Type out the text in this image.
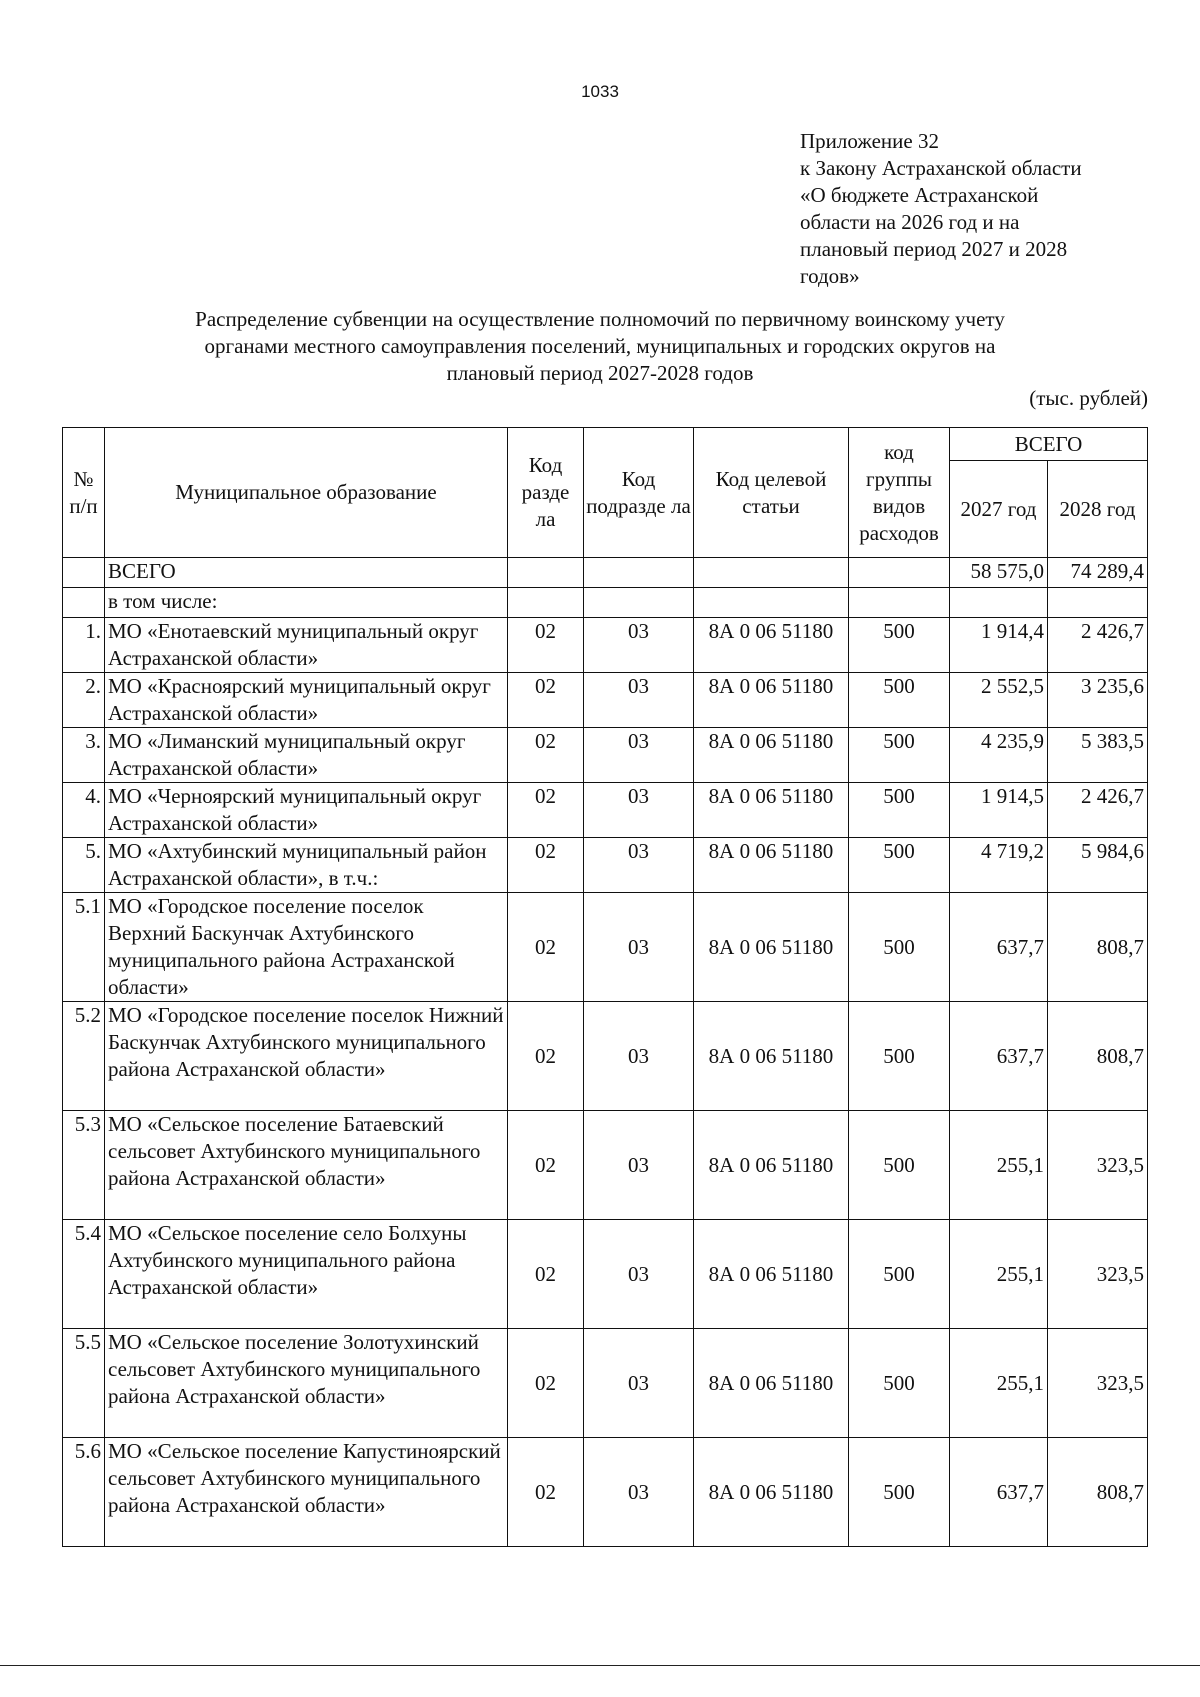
1033
Приложение 32
к Закону Астраханской области
«О бюджете Астраханской
области на 2026 год и на
плановый период 2027 и 2028
годов»
Распределение субвенции на осуществление полномочий по первичному воинскому учету
органами местного самоуправления поселений, муниципальных и городских округов на
плановый период 2027-2028 годов
(тыс. рублей)
№ п/п	Муниципальное образование	Код разде ла	Код подразде ла	Код целевой статьи	код группы видов расходов	ВСЕГО	
						2027 год	2028 год
	ВСЕГО					58 575,0	74 289,4
	в том числе:						
1.	МО «Енотаевский муниципальный округ Астраханской области»	02	03	8А 0 06 51180	500	1 914,4	2 426,7
2.	МО «Красноярский муниципальный округ Астраханской области»	02	03	8А 0 06 51180	500	2 552,5	3 235,6
3.	МО «Лиманский муниципальный округ Астраханской области»	02	03	8А 0 06 51180	500	4 235,9	5 383,5
4.	МО «Черноярский муниципальный округ Астраханской области»	02	03	8А 0 06 51180	500	1 914,5	2 426,7
5.	МО «Ахтубинский муниципальный район Астраханской области», в т.ч.:	02	03	8А 0 06 51180	500	4 719,2	5 984,6
5.1	МО «Городское поселение поселок Верхний Баскунчак Ахтубинского муниципального района Астраханской области»	02	03	8А 0 06 51180	500	637,7	808,7
5.2	МО «Городское поселение поселок Нижний Баскунчак Ахтубинского муниципального района Астраханской области»	02	03	8А 0 06 51180	500	637,7	808,7
5.3	МО «Сельское поселение Батаевский сельсовет Ахтубинского муниципального района Астраханской области»	02	03	8А 0 06 51180	500	255,1	323,5
5.4	МО «Сельское поселение село Болхуны Ахтубинского муниципального района Астраханской области»	02	03	8А 0 06 51180	500	255,1	323,5
5.5	МО «Сельское поселение Золотухинский сельсовет Ахтубинского муниципального района Астраханской области»	02	03	8А 0 06 51180	500	255,1	323,5
5.6	МО «Сельское поселение Капустиноярский сельсовет Ахтубинского муниципального района Астраханской области»	02	03	8А 0 06 51180	500	637,7	808,7
